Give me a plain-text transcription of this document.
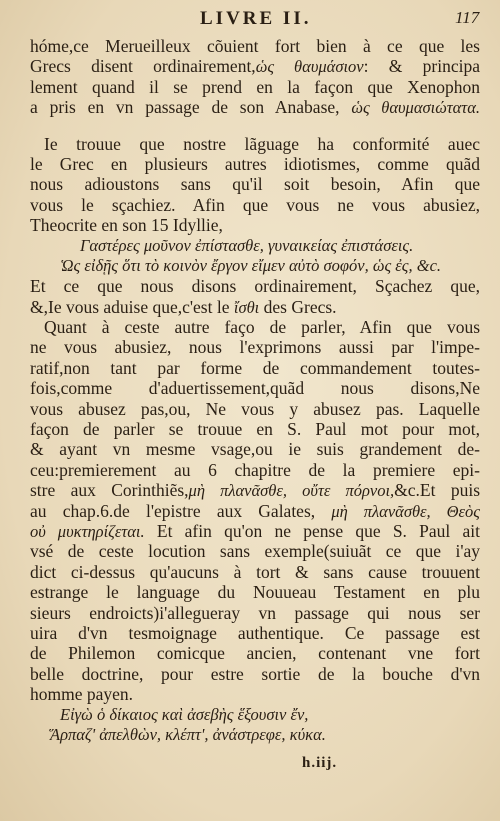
LIVRE II.	117
hóme,ce Merueilleux cõuient fort bien à ce que les
Grecs disent ordinairement,ὡς θαυμάσιον: & principa
lement quand il se prend en la façon que Xenophon
a pris en vn passage de son Anabase, ὡς θαυμασιώτατα.
Ie trouue que nostre lãguage ha conformité auec
le Grec en plusieurs autres idiotismes, comme quãd
nous adioustons sans qu'il soit besoin, Afin que
vous le sçachiez. Afin que vous ne vous abusiez,
Theocrite en son 15 Idyllie,
Γαστέρες μοῦνον ἐπίστασθε, γυναικείας ἐπιστάσεις.
Ὡς εἰδῇς ὅτι τὸ κοινὸν ἔργον εἴμεν αὐτὸ σοφόν, ὡς ἐς, &c.
Et ce que nous disons ordinairement, Sçachez que,
&,Ie vous aduise que,c'est le ἴσθι des Grecs.
Quant à ceste autre faço de parler, Afin que vous
ne vous abusiez, nous l'exprimons aussi par l'impe-
ratif,non tant par forme de commandement toutes-
fois,comme d'aduertissement,quãd nous disons,Ne
vous abusez pas,ou, Ne vous y abusez pas. Laquelle
façon de parler se trouue en S. Paul mot pour mot,
& ayant vn mesme vsage,ou ie suis grandement de-
ceu:premierement au 6 chapitre de la premiere epi-
stre aux Corinthiẽs,μὴ πλανᾶσθε, οὔτε πόρνοι,&c.Et puis
au chap.6.de l'epistre aux Galates, μὴ πλανᾶσθε, Θεὸς
οὐ μυκτηρίζεται. Et afin qu'on ne pense que S. Paul ait
vsé de ceste locution sans exemple(suiuãt ce que i'ay
dict ci-dessus qu'aucuns à tort & sans cause trouuent
estrange le language du Nouueau Testament en plu
sieurs endroicts)i'allegueray vn passage qui nous ser
uira d'vn tesmoignage authentique. Ce passage est
de Philemon comicque ancien, contenant vne fort
belle doctrine, pour estre sortie de la bouche d'vn
homme payen.
Εἰγὼ ὁ δίκαιος καὶ ἀσεβὴς ἕξουσιν ἔν,
Ἅρπαζ' ἀπελθὼν, κλέπτ', ἀνάστρεφε, κύκα.
h.iij.
